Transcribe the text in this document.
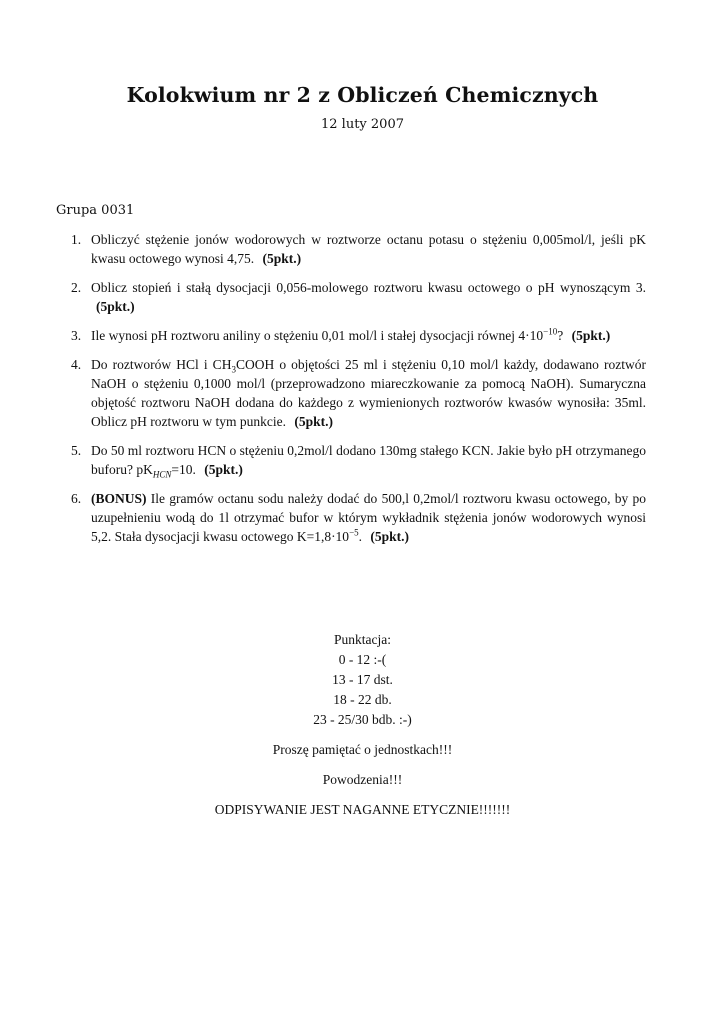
Kolokwium nr 2 z Obliczeń Chemicznych
12 luty 2007
Grupa 0031
1. Obliczyć stężenie jonów wodorowych w roztworze octanu potasu o stężeniu 0,005mol/l, jeśli pK kwasu octowego wynosi 4,75. (5pkt.)
2. Oblicz stopień i stałą dysocjacji 0,056-molowego roztworu kwasu octowego o pH wynoszącym 3. (5pkt.)
3. Ile wynosi pH roztworu aniliny o stężeniu 0,01 mol/l i stałej dysocjacji równej $4\cdot 10^{-10}$? (5pkt.)
4. Do roztworów HCl i $CH_3COOH$ o objętości 25 ml i stężeniu 0,10 mol/l każdy, dodawano roztwór NaOH o stężeniu 0,1000 mol/l (przeprowadzono miareczkowanie za pomocą NaOH). Sumaryczna objętość roztworu NaOH dodana do każdego z wymienionych roztworów kwasów wynosiła: 35ml. Oblicz pH roztworu w tym punkcie. (5pkt.)
5. Do 50 ml roztworu HCN o stężeniu 0,2mol/l dodano 130mg stałego KCN. Jakie było pH otrzymanego buforu? $pK_{HCN}=10$. (5pkt.)
6. (BONUS) Ile gramów octanu sodu należy dodać do 500,l 0,2mol/l roztworu kwasu octowego, by po uzupełnieniu wodą do 1l otrzymać bufor w którym wykładnik stężenia jonów wodorowych wynosi 5,2. Stała dysocjacji kwasu octowego $K=1,8\cdot 10^{-5}$. (5pkt.)
Punktacja:
0 - 12 :-(
13 - 17 dst.
18 - 22 db.
23 - 25/30 bdb. :-)
Proszę pamiętać o jednostkach!!!
Powodzenia!!!
ODPISYWANIE JEST NAGANNE ETYCZNIE!!!!!!!
